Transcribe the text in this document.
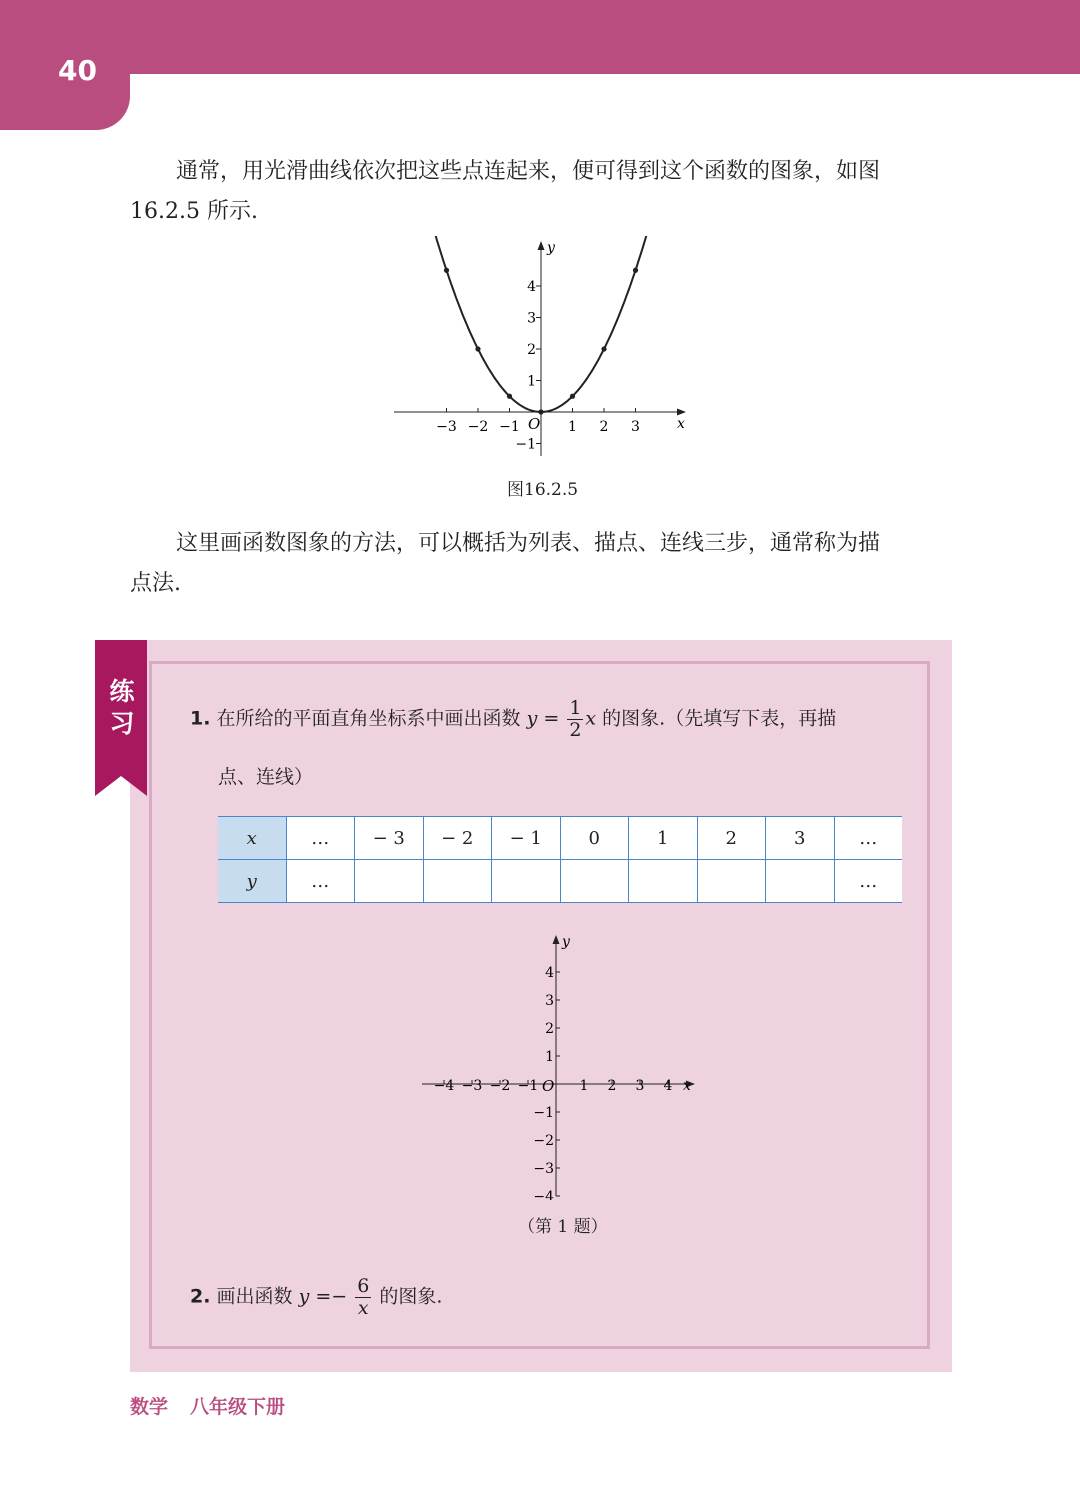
40
通常，用光滑曲线依次把这些点连起来，便可得到这个函数的图象，如图
16.2.5 所示.
x
y
O
−3 −2 −1	1 2 3
4
3
2
1
−1
图16.2.5
这里画函数图象的方法，可以概括为列表、描点、连线三步，通常称为描
点法.
练
习	1. 在所给的平面直角坐标系中画出函数 $y = \frac{1}{2}$ x 的图象.（先填写下表，再描
点、连线）
x	…	− 3	− 2	− 1	0	1	2	3	…
y	…								…
x
y
O
−4 −3 −2 −1	1 2 3 4
4
3
2
1
−1
−2
−3
−4
（第 1 题）
2. 画出函数 $y =- \frac{6}{x}$ 的图象.
数学 八年级下册
